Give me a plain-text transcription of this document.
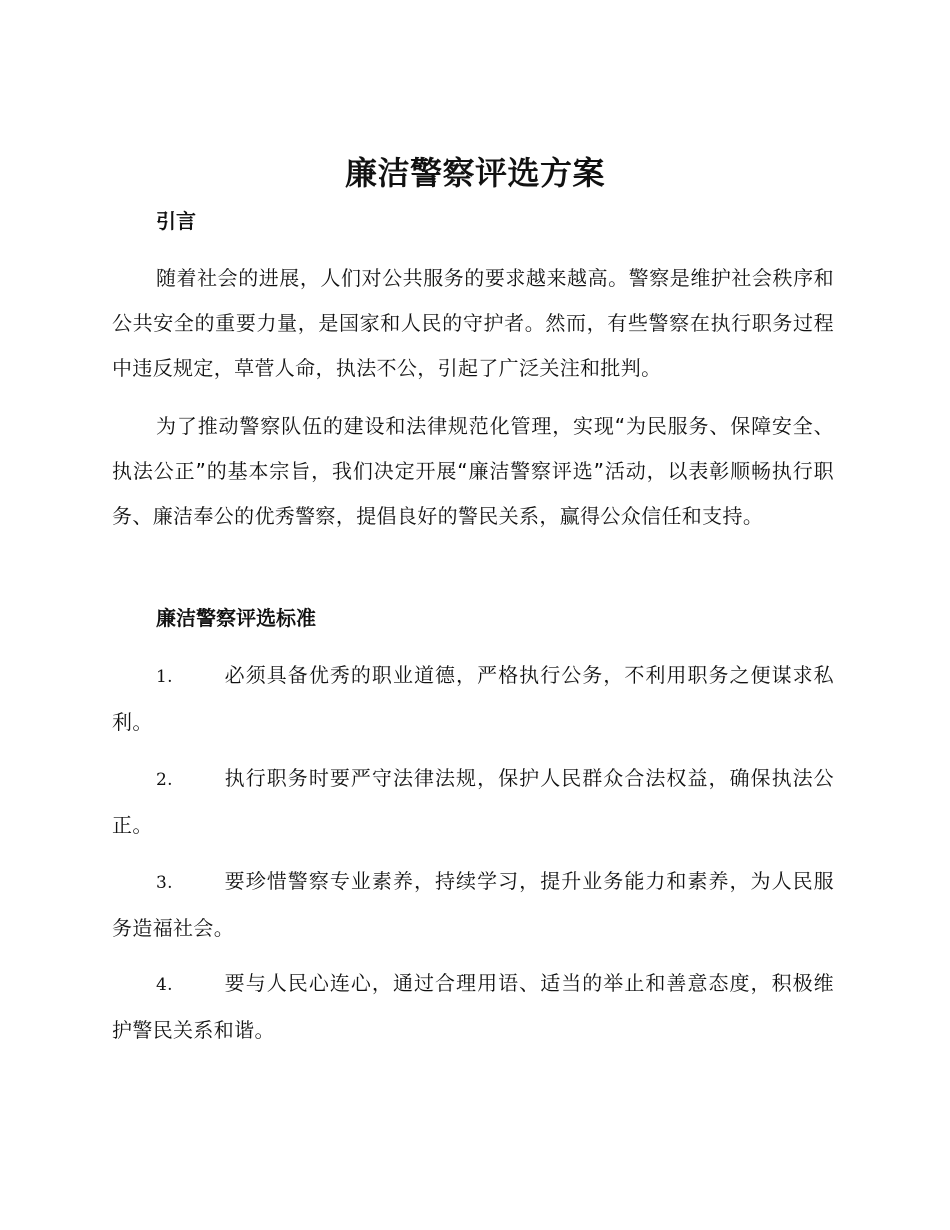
廉洁警察评选方案
引言

随着社会的进展，人们对公共服务的要求越来越高。警察是维护社会秩序和公共安全的重要力量，是国家和人民的守护者。然而，有些警察在执行职务过程中违反规定，草菅人命，执法不公，引起了广泛关注和批判。

为了推动警察队伍的建设和法律规范化管理，实现“为民服务、保障安全、执法公正”的基本宗旨，我们决定开展“廉洁警察评选”活动，以表彰顺畅执行职务、廉洁奉公的优秀警察，提倡良好的警民关系，赢得公众信任和支持。

廉洁警察评选标准

1.	必须具备优秀的职业道德，严格执行公务，不利用职务之便谋求私利。

2.	执行职务时要严守法律法规，保护人民群众合法权益，确保执法公正。

3.	要珍惜警察专业素养，持续学习，提升业务能力和素养，为人民服务造福社会。

4.	要与人民心连心，通过合理用语、适当的举止和善意态度，积极维护警民关系和谐。
